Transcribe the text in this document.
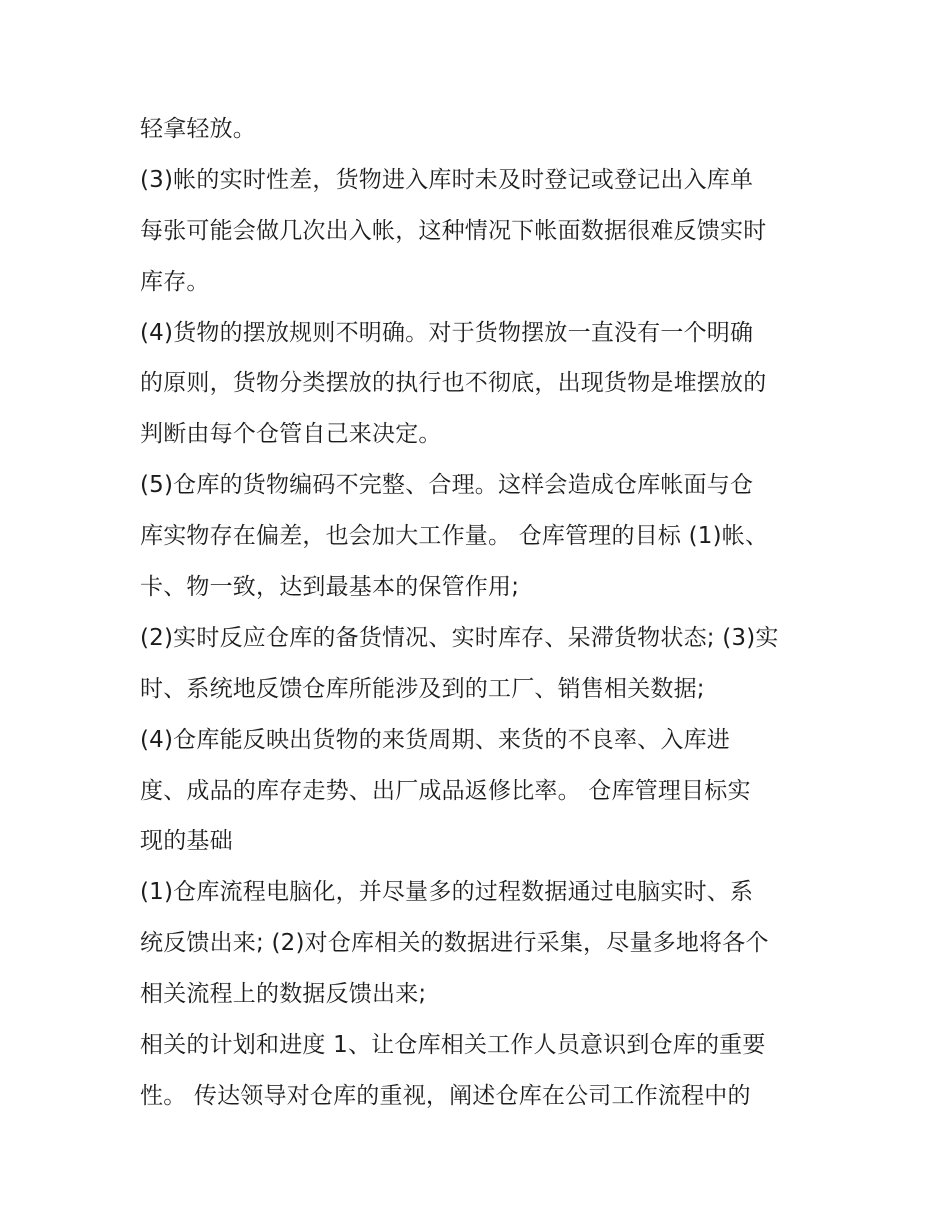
轻拿轻放。
(3)帐的实时性差，货物进入库时未及时登记或登记出入库单
每张可能会做几次出入帐，这种情况下帐面数据很难反馈实时
库存。
(4)货物的摆放规则不明确。对于货物摆放一直没有一个明确
的原则，货物分类摆放的执行也不彻底，出现货物是堆摆放的
判断由每个仓管自己来决定。
(5)仓库的货物编码不完整、合理。这样会造成仓库帐面与仓
库实物存在偏差，也会加大工作量。 仓库管理的目标 (1)帐、
卡、物一致，达到最基本的保管作用;
(2)实时反应仓库的备货情况、实时库存、呆滞货物状态; (3)实
时、系统地反馈仓库所能涉及到的工厂、销售相关数据;
(4)仓库能反映出货物的来货周期、来货的不良率、入库进
度、成品的库存走势、出厂成品返修比率。 仓库管理目标实
现的基础
(1)仓库流程电脑化，并尽量多的过程数据通过电脑实时、系
统反馈出来; (2)对仓库相关的数据进行采集，尽量多地将各个
相关流程上的数据反馈出来;
相关的计划和进度 1、让仓库相关工作人员意识到仓库的重要
性。 传达领导对仓库的重视，阐述仓库在公司工作流程中的
